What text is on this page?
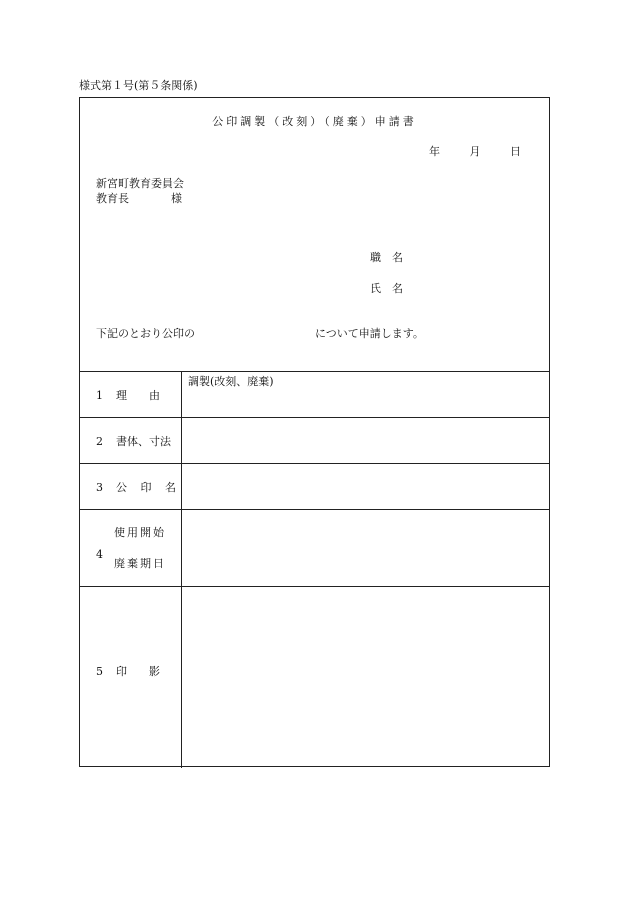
様式第１号(第５条関係)
公印調製（改刻）（廃棄）申請書
年	月	日
新宮町教育委員会
教育長	様
職　名
氏　名
下記のとおり公印の	について申請します。
1 理　　由
調製(改刻、廃棄)
2 書体、寸法
3 公 印 名
4
使用開始
廃棄期日
5 印　　影
